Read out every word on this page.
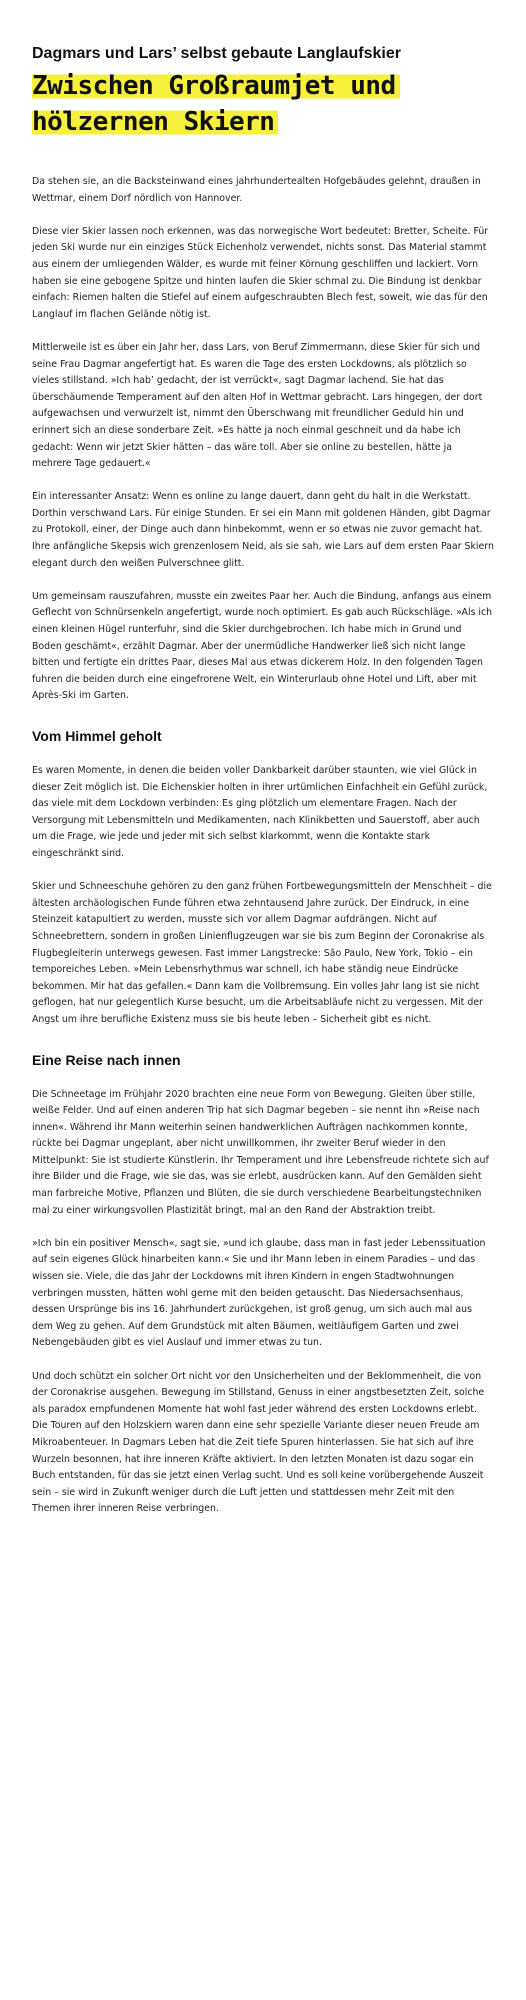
Dagmars und Lars’ selbst gebaute Langlaufskier
Zwischen Großraumjet und hölzernen Skiern

Da stehen sie, an die Backsteinwand eines jahrhundertealten Hofgebäudes gelehnt, draußen in Wettmar, einem Dorf nördlich von Hannover.

Diese vier Skier lassen noch erkennen, was das norwegische Wort bedeutet: Bretter, Scheite. Für jeden Ski wurde nur ein einziges Stück Eichenholz verwendet, nichts sonst. Das Material stammt aus einem der umliegenden Wälder, es wurde mit feiner Körnung geschliffen und lackiert. Vorn haben sie eine gebogene Spitze und hinten laufen die Skier schmal zu. Die Bindung ist denkbar einfach: Riemen halten die Stiefel auf einem aufgeschraubten Blech fest, soweit, wie das für den Langlauf im flachen Gelände nötig ist.

Mittlerweile ist es über ein Jahr her, dass Lars, von Beruf Zimmermann, diese Skier für sich und seine Frau Dagmar angefertigt hat. Es waren die Tage des ersten Lockdowns, als plötzlich so vieles stillstand. »Ich hab’ gedacht, der ist verrückt«, sagt Dagmar lachend. Sie hat das überschäumende Temperament auf den alten Hof in Wettmar gebracht. Lars hingegen, der dort aufgewachsen und verwurzelt ist, nimmt den Überschwang mit freundlicher Geduld hin und erinnert sich an diese sonderbare Zeit. »Es hatte ja noch einmal geschneit und da habe ich gedacht: Wenn wir jetzt Skier hätten – das wäre toll. Aber sie online zu bestellen, hätte ja mehrere Tage gedauert.«

Ein interessanter Ansatz: Wenn es online zu lange dauert, dann geht du halt in die Werkstatt. Dorthin verschwand Lars. Für einige Stunden. Er sei ein Mann mit goldenen Händen, gibt Dagmar zu Protokoll, einer, der Dinge auch dann hinbekommt, wenn er so etwas nie zuvor gemacht hat. Ihre anfängliche Skepsis wich grenzenlosem Neid, als sie sah, wie Lars auf dem ersten Paar Skiern elegant durch den weißen Pulverschnee glitt.

Um gemeinsam rauszufahren, musste ein zweites Paar her. Auch die Bindung, anfangs aus einem Geflecht von Schnürsenkeln angefertigt, wurde noch optimiert. Es gab auch Rückschläge. »Als ich einen kleinen Hügel runterfuhr, sind die Skier durchgebrochen. Ich habe mich in Grund und Boden geschämt«, erzählt Dagmar. Aber der unermüdliche Handwerker ließ sich nicht lange bitten und fertigte ein drittes Paar, dieses Mal aus etwas dickerem Holz. In den folgenden Tagen fuhren die beiden durch eine eingefrorene Welt, ein Winterurlaub ohne Hotel und Lift, aber mit Après-Ski im Garten.

Vom Himmel geholt

Es waren Momente, in denen die beiden voller Dankbarkeit darüber staunten, wie viel Glück in dieser Zeit möglich ist. Die Eichenskier holten in ihrer urtümlichen Einfachheit ein Gefühl zurück, das viele mit dem Lockdown verbinden: Es ging plötzlich um elementare Fragen. Nach der Versorgung mit Lebensmitteln und Medikamenten, nach Klinikbetten und Sauerstoff, aber auch um die Frage, wie jede und jeder mit sich selbst klarkommt, wenn die Kontakte stark eingeschränkt sind.

Skier und Schneeschuhe gehören zu den ganz frühen Fortbewegungsmitteln der Menschheit – die ältesten archäologischen Funde führen etwa zehntausend Jahre zurück. Der Eindruck, in eine Steinzeit katapultiert zu werden, musste sich vor allem Dagmar aufdrängen. Nicht auf Schneebrettern, sondern in großen Linienflugzeugen war sie bis zum Beginn der Coronakrise als Flugbegleiterin unterwegs gewesen. Fast immer Langstrecke: São Paulo, New York, Tokio – ein temporeiches Leben. »Mein Lebensrhythmus war schnell, ich habe ständig neue Eindrücke bekommen. Mir hat das gefallen.« Dann kam die Vollbremsung. Ein volles Jahr lang ist sie nicht geflogen, hat nur gelegentlich Kurse besucht, um die Arbeitsabläufe nicht zu vergessen. Mit der Angst um ihre berufliche Existenz muss sie bis heute leben – Sicherheit gibt es nicht.

Eine Reise nach innen

Die Schneetage im Frühjahr 2020 brachten eine neue Form von Bewegung. Gleiten über stille, weiße Felder. Und auf einen anderen Trip hat sich Dagmar begeben – sie nennt ihn »Reise nach innen«. Während ihr Mann weiterhin seinen handwerklichen Aufträgen nachkommen konnte, rückte bei Dagmar ungeplant, aber nicht unwillkommen, ihr zweiter Beruf wieder in den Mittelpunkt: Sie ist studierte Künstlerin. Ihr Temperament und ihre Lebensfreude richtete sich auf ihre Bilder und die Frage, wie sie das, was sie erlebt, ausdrücken kann. Auf den Gemälden sieht man farbreiche Motive, Pflanzen und Blüten, die sie durch verschiedene Bearbeitungstechniken mal zu einer wirkungsvollen Plastizität bringt, mal an den Rand der Abstraktion treibt.

»Ich bin ein positiver Mensch«, sagt sie, »und ich glaube, dass man in fast jeder Lebenssituation auf sein eigenes Glück hinarbeiten kann.« Sie und ihr Mann leben in einem Paradies – und das wissen sie. Viele, die das Jahr der Lockdowns mit ihren Kindern in engen Stadtwohnungen verbringen mussten, hätten wohl gerne mit den beiden getauscht. Das Niedersachsenhaus, dessen Ursprünge bis ins 16. Jahrhundert zurückgehen, ist groß genug, um sich auch mal aus dem Weg zu gehen. Auf dem Grundstück mit alten Bäumen, weitläufigem Garten und zwei Nebengebäuden gibt es viel Auslauf und immer etwas zu tun.

Und doch schützt ein solcher Ort nicht vor den Unsicherheiten und der Beklommenheit, die von der Coronakrise ausgehen. Bewegung im Stillstand, Genuss in einer angstbesetzten Zeit, solche als paradox empfundenen Momente hat wohl fast jeder während des ersten Lockdowns erlebt. Die Touren auf den Holzskiern waren dann eine sehr spezielle Variante dieser neuen Freude am Mikroabenteuer. In Dagmars Leben hat die Zeit tiefe Spuren hinterlassen. Sie hat sich auf ihre Wurzeln besonnen, hat ihre inneren Kräfte aktiviert. In den letzten Monaten ist dazu sogar ein Buch entstanden, für das sie jetzt einen Verlag sucht. Und es soll keine vorübergehende Auszeit sein – sie wird in Zukunft weniger durch die Luft jetten und stattdessen mehr Zeit mit den Themen ihrer inneren Reise verbringen.
